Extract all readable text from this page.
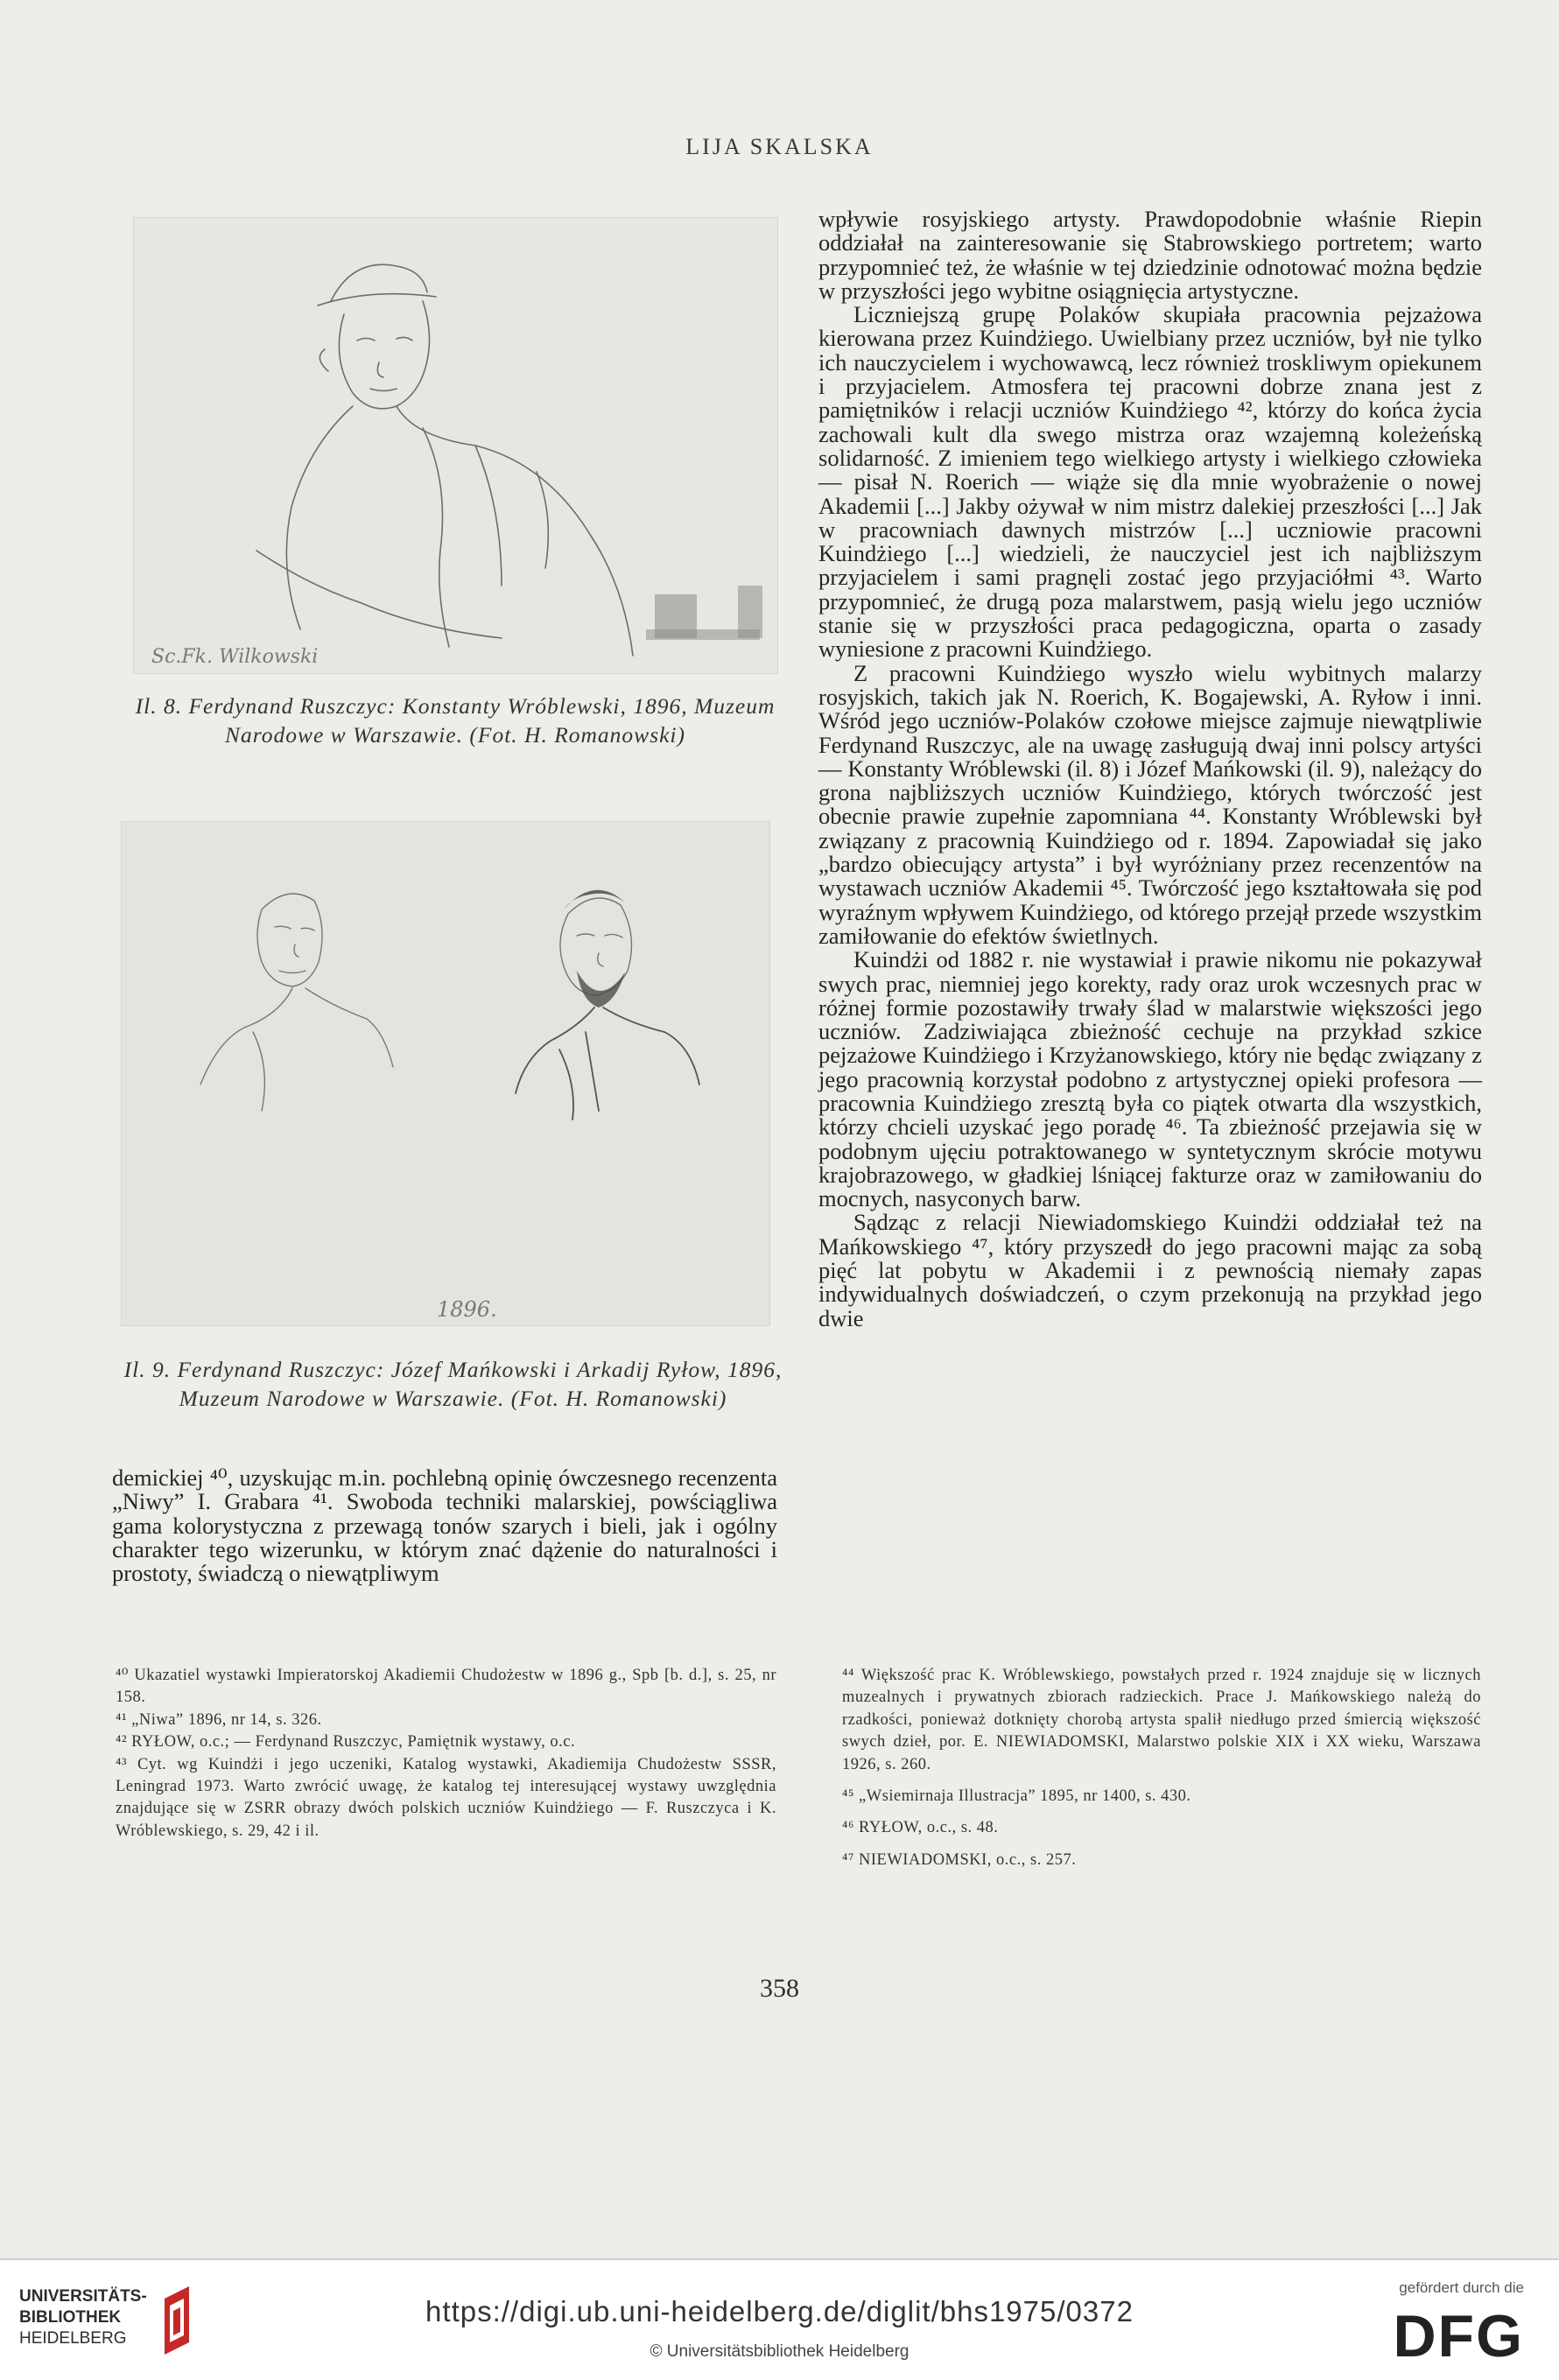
LIJA SKALSKA
Sc.Fk. Wilkowski
Il. 8. Ferdynand Ruszczyc: Konstanty Wróblewski, 1896, Muzeum Narodowe w Warszawie. (Fot. H. Romanowski)
1896.
Il. 9. Ferdynand Ruszczyc: Józef Mańkowski i Arkadij Ryłow, 1896, Muzeum Narodowe w Warszawie. (Fot. H. Romanowski)

demickiej ⁴⁰, uzyskując m.in. pochlebną opinię ówczesnego recenzenta „Niwy” I. Grabara ⁴¹. Swoboda techniki malarskiej, powściągliwa gama kolorystyczna z przewagą tonów szarych i bieli, jak i ogólny charakter tego wizerunku, w którym znać dążenie do naturalności i prostoty, świadczą o niewątpliwym

wpływie rosyjskiego artysty. Prawdopodobnie właśnie Riepin oddziałał na zainteresowanie się Stabrowskiego portretem; warto przypomnieć też, że właśnie w tej dziedzinie odnotować można będzie w przyszłości jego wybitne osiągnięcia artystyczne.

Liczniejszą grupę Polaków skupiała pracownia pejzażowa kierowana przez Kuindżiego. Uwielbiany przez uczniów, był nie tylko ich nauczycielem i wychowawcą, lecz również troskliwym opiekunem i przyjacielem. Atmosfera tej pracowni dobrze znana jest z pamiętników i relacji uczniów Kuindżiego ⁴², którzy do końca życia zachowali kult dla swego mistrza oraz wzajemną koleżeńską solidarność. Z imieniem tego wielkiego artysty i wielkiego człowieka — pisał N. Roerich — wiąże się dla mnie wyobrażenie o nowej Akademii [...] Jakby ożywał w nim mistrz dalekiej przeszłości [...] Jak w pracowniach dawnych mistrzów [...] uczniowie pracowni Kuindżiego [...] wiedzieli, że nauczyciel jest ich najbliższym przyjacielem i sami pragnęli zostać jego przyjaciółmi ⁴³. Warto przypomnieć, że drugą poza malarstwem, pasją wielu jego uczniów stanie się w przyszłości praca pedagogiczna, oparta o zasady wyniesione z pracowni Kuindżiego.

Z pracowni Kuindżiego wyszło wielu wybitnych malarzy rosyjskich, takich jak N. Roerich, K. Bogajewski, A. Ryłow i inni. Wśród jego uczniów-Polaków czołowe miejsce zajmuje niewątpliwie Ferdynand Ruszczyc, ale na uwagę zasługują dwaj inni polscy artyści — Konstanty Wróblewski (il. 8) i Józef Mańkowski (il. 9), należący do grona najbliższych uczniów Kuindżiego, których twórczość jest obecnie prawie zupełnie zapomniana ⁴⁴. Konstanty Wróblewski był związany z pracownią Kuindżiego od r. 1894. Zapowiadał się jako „bardzo obiecujący artysta” i był wyróżniany przez recenzentów na wystawach uczniów Akademii ⁴⁵. Twórczość jego kształtowała się pod wyraźnym wpływem Kuindżiego, od którego przejął przede wszystkim zamiłowanie do efektów świetlnych.

Kuindżi od 1882 r. nie wystawiał i prawie nikomu nie pokazywał swych prac, niemniej jego korekty, rady oraz urok wczesnych prac w różnej formie pozostawiły trwały ślad w malarstwie większości jego uczniów. Zadziwiająca zbieżność cechuje na przykład szkice pejzażowe Kuindżiego i Krzyżanowskiego, który nie będąc związany z jego pracownią korzystał podobno z artystycznej opieki profesora — pracownia Kuindżiego zresztą była co piątek otwarta dla wszystkich, którzy chcieli uzyskać jego poradę ⁴⁶. Ta zbieżność przejawia się w podobnym ujęciu potraktowanego w syntetycznym skrócie motywu krajobrazowego, w gładkiej lśniącej fakturze oraz w zamiłowaniu do mocnych, nasyconych barw.

Sądząc z relacji Niewiadomskiego Kuindżi oddziałał też na Mańkowskiego ⁴⁷, który przyszedł do jego pracowni mając za sobą pięć lat pobytu w Akademii i z pewnością niemały zapas indywidualnych doświadczeń, o czym przekonują na przykład jego dwie

⁴⁰ Ukazatiel wystawki Impieratorskoj Akadiemii Chudożestw w 1896 g., Spb [b. d.], s. 25, nr 158.

⁴¹ „Niwa” 1896, nr 14, s. 326.

⁴² RYŁOW, o.c.; — Ferdynand Ruszczyc, Pamiętnik wystawy, o.c.

⁴³ Cyt. wg Kuindżi i jego uczeniki, Katalog wystawki, Akadiemija Chudożestw SSSR, Leningrad 1973. Warto zwrócić uwagę, że katalog tej interesującej wystawy uwzględnia znajdujące się w ZSRR obrazy dwóch polskich uczniów Kuindżiego — F. Ruszczyca i K. Wróblewskiego, s. 29, 42 i il.

⁴⁴ Większość prac K. Wróblewskiego, powstałych przed r. 1924 znajduje się w licznych muzealnych i prywatnych zbiorach radzieckich. Prace J. Mańkowskiego należą do rzadkości, ponieważ dotknięty chorobą artysta spalił niedługo przed śmiercią większość swych dzieł, por. E. NIEWIADOMSKI, Malarstwo polskie XIX i XX wieku, Warszawa 1926, s. 260.

⁴⁵ „Wsiemirnaja Illustracja” 1895, nr 1400, s. 430.

⁴⁶ RYŁOW, o.c., s. 48.

⁴⁷ NIEWIADOMSKI, o.c., s. 257.

358
UNIVERSITÄTS-
BIBLIOTHEK
HEIDELBERG
https://digi.ub.uni-heidelberg.de/diglit/bhs1975/0372
© Universitätsbibliothek Heidelberg
gefördert durch die
DFG
